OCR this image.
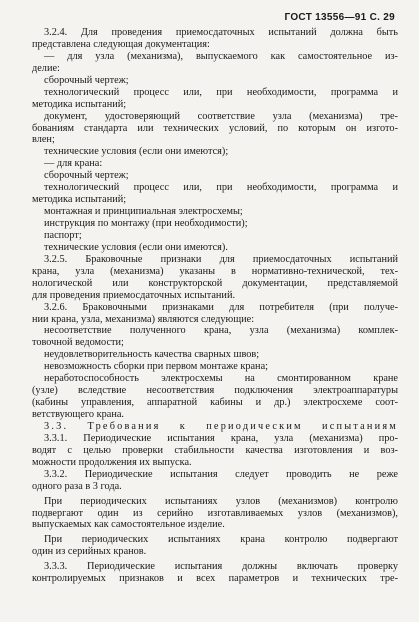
ГОСТ 13556—91 С. 29
3.2.4. Для проведения приемосдаточных испытаний должна быть
представлена следующая документация:
— для узла (механизма), выпускаемого как самостоятельное из-
делие:
сборочный чертеж;
технологический процесс или, при необходимости, программа и
методика испытаний;
документ, удостоверяющий соответствие узла (механизма) тре-
бованиям стандарта или технических условий, по которым он изгото-
влен;
технические условия (если они имеются);
— для крана:
сборочный чертеж;
технологический процесс или, при необходимости, программа и
методика испытаний;
монтажная и принципиальная электросхемы;
инструкция по монтажу (при необходимости);
паспорт;
технические условия (если они имеются).
3.2.5. Браковочные признаки для приемосдаточных испытаний
крана, узла (механизма) указаны в нормативно-технической, тех-
нологической или конструкторской документации, представляемой
для проведения приемосдаточных испытаний.
3.2.6. Браковочными признаками для потребителя (при получе-
нии крана, узла, механизма) являются следующие:
несоответствие полученного крана, узла (механизма) комплек-
товочной ведомости;
неудовлетворительность качества сварных швов;
невозможность сборки при первом монтаже крана;
неработоспособность электросхемы на смонтированном кране
(узле) вследствие несоответствия подключения электроаппаратуры
(кабины управления, аппаратной кабины и др.) электросхеме соот-
ветствующего крана.
3.3. Требования к периодическим испытаниям
3.3.1. Периодические испытания крана, узла (механизма) про-
водят с целью проверки стабильности качества изготовления и воз-
можности продолжения их выпуска.
3.3.2. Периодические испытания следует проводить не реже
одного раза в 3 года.
При периодических испытаниях узлов (механизмов) контролю
подвергают один из серийно изготавливаемых узлов (механизмов),
выпускаемых как самостоятельное изделие.
При периодических испытаниях крана контролю подвергают
один из серийных кранов.
3.3.3. Периодические испытания должны включать проверку
контролируемых признаков и всех параметров и технических тре-
